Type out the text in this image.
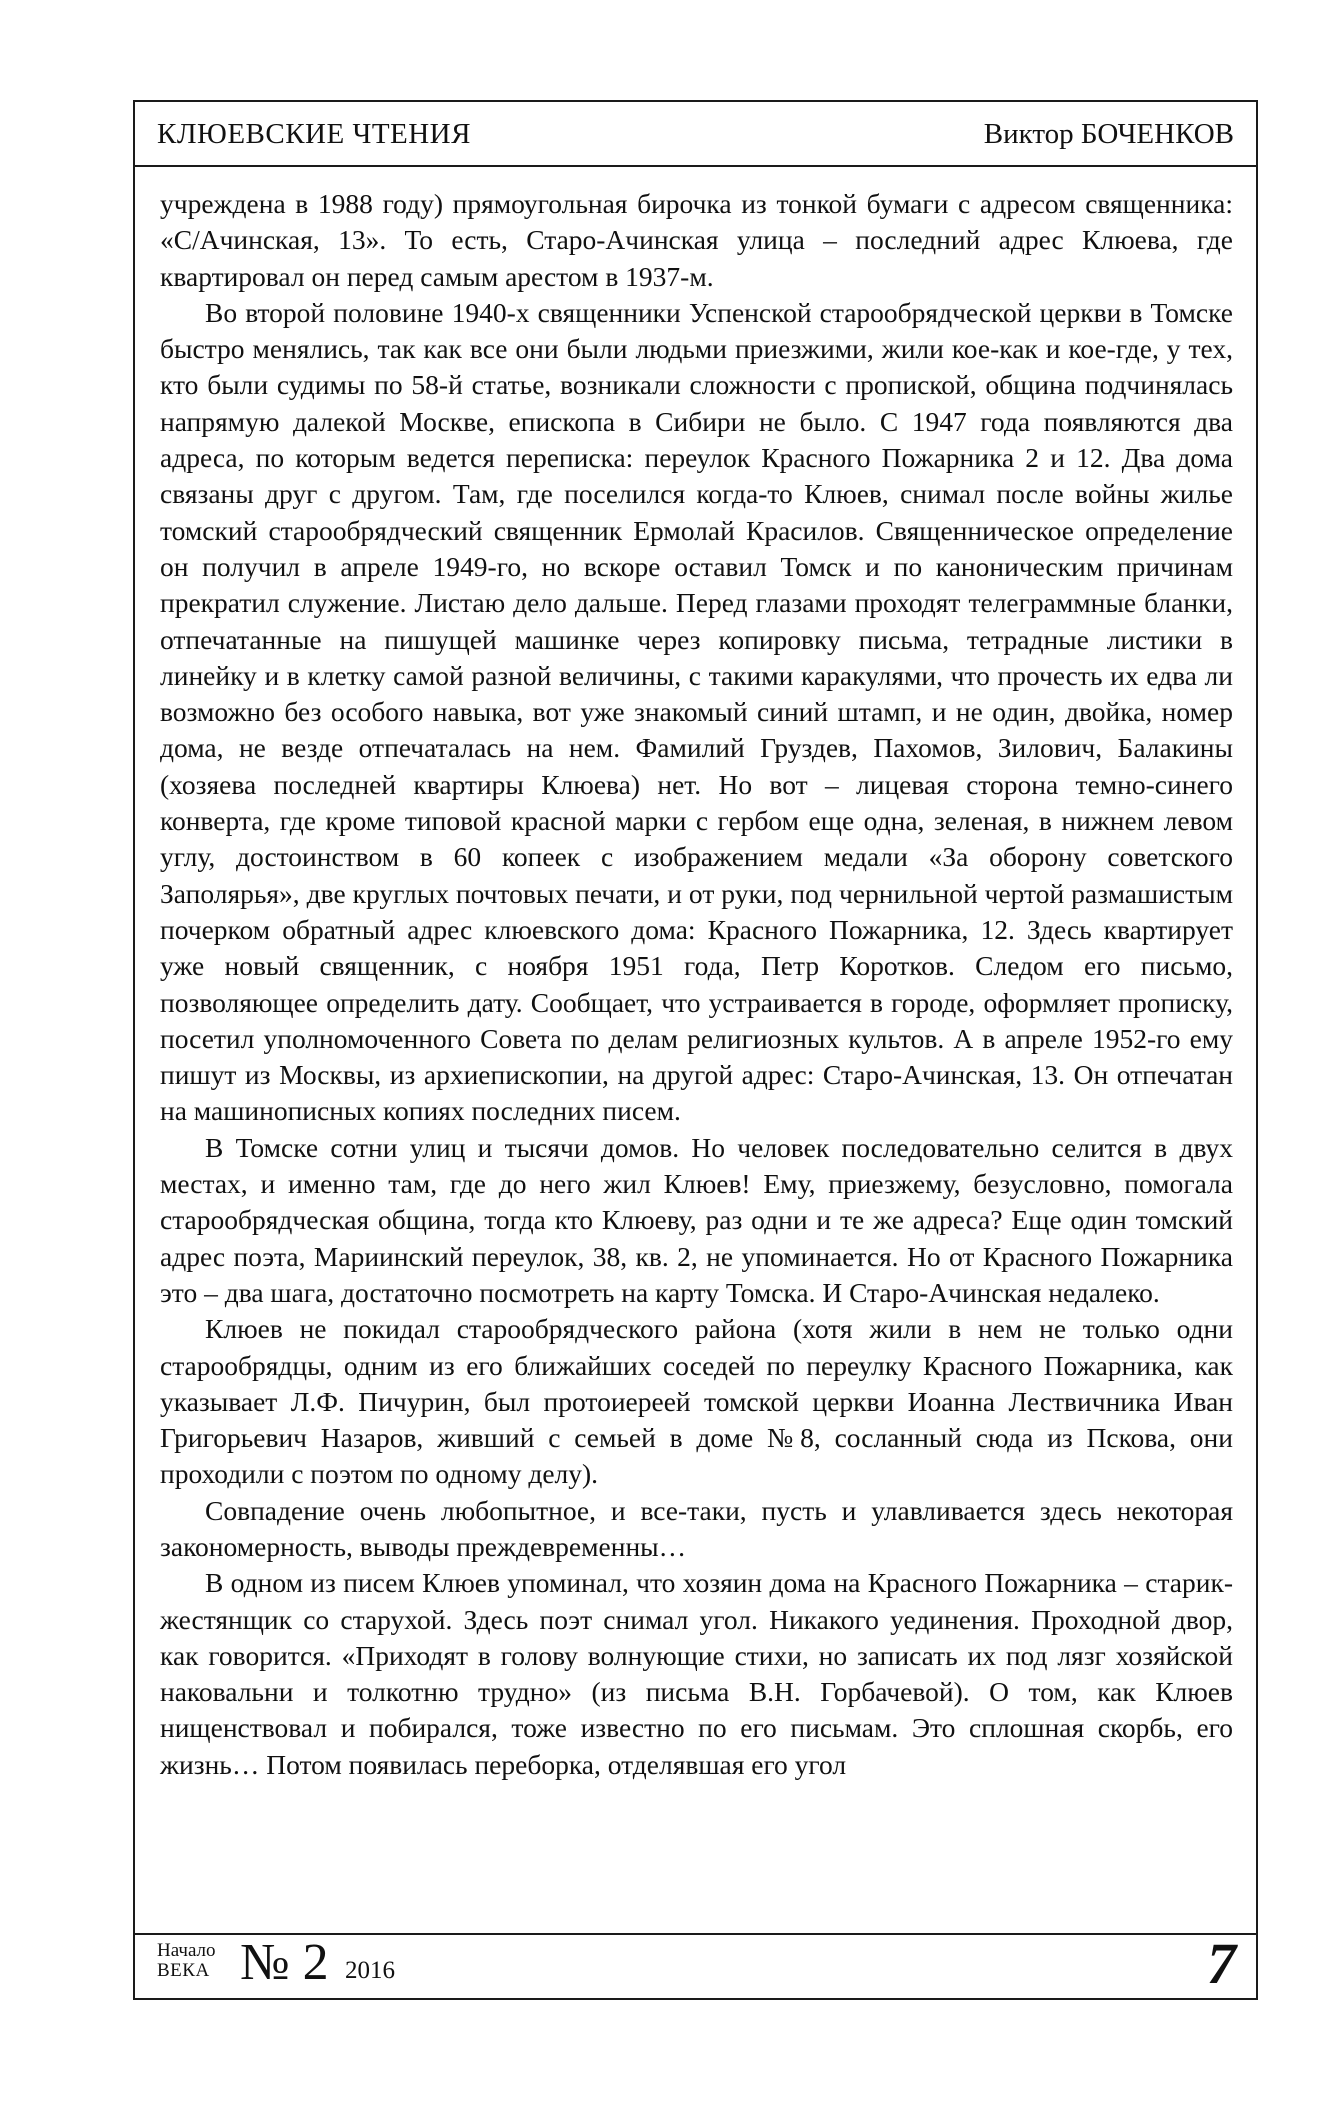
КЛЮЕВСКИЕ ЧТЕНИЯ	Виктор БОЧЕНКОВ

учреждена в 1988 году) прямоугольная бирочка из тонкой бумаги с адресом священника: «С/Ачинская, 13». То есть, Старо-Ачинская улица – последний адрес Клюева, где квартировал он перед самым арестом в 1937-м.

Во второй половине 1940-х священники Успенской старообрядческой церкви в Томске быстро менялись, так как все они были людьми приезжими, жили кое-как и кое-где, у тех, кто были судимы по 58-й статье, возникали сложности с пропиской, община подчинялась напрямую далекой Москве, епископа в Сибири не было. С 1947 года появляются два адреса, по которым ведется переписка: переулок Красного Пожарника 2 и 12. Два дома связаны друг с другом. Там, где поселился когда-то Клюев, снимал после войны жилье томский старообрядческий священник Ермолай Красилов. Священническое определение он получил в апреле 1949-го, но вскоре оставил Томск и по каноническим причинам прекратил служение. Листаю дело дальше. Перед глазами проходят телеграммные бланки, отпечатанные на пишущей машинке через копировку письма, тетрадные листики в линейку и в клетку самой разной величины, с такими каракулями, что прочесть их едва ли возможно без особого навыка, вот уже знакомый синий штамп, и не один, двойка, номер дома, не везде отпечаталась на нем. Фамилий Груздев, Пахомов, Зилович, Балакины (хозяева последней квартиры Клюева) нет. Но вот – лицевая сторона темно-синего конверта, где кроме типовой красной марки с гербом еще одна, зеленая, в нижнем левом углу, достоинством в 60 копеек с изображением медали «За оборону советского Заполярья», две круглых почтовых печати, и от руки, под чернильной чертой размашистым почерком обратный адрес клюевского дома: Красного Пожарника, 12. Здесь квартирует уже новый священник, с ноября 1951 года, Петр Коротков. Следом его письмо, позволяющее определить дату. Сообщает, что устраивается в городе, оформляет прописку, посетил уполномоченного Совета по делам религиозных культов. А в апреле 1952-го ему пишут из Москвы, из архиепископии, на другой адрес: Старо-Ачинская, 13. Он отпечатан на машинописных копиях последних писем.

В Томске сотни улиц и тысячи домов. Но человек последовательно селится в двух местах, и именно там, где до него жил Клюев! Ему, приезжему, безусловно, помогала старообрядческая община, тогда кто Клюеву, раз одни и те же адреса? Еще один томский адрес поэта, Мариинский переулок, 38, кв. 2, не упоминается. Но от Красного Пожарника это – два шага, достаточно посмотреть на карту Томска. И Старо-Ачинская недалеко.

Клюев не покидал старообрядческого района (хотя жили в нем не только одни старообрядцы, одним из его ближайших соседей по переулку Красного Пожарника, как указывает Л.Ф. Пичурин, был протоиереей томской церкви Иоанна Лествичника Иван Григорьевич Назаров, живший с семьей в доме №8, сосланный сюда из Пскова, они проходили с поэтом по одному делу).

Совпадение очень любопытное, и все-таки, пусть и улавливается здесь некоторая закономерность, выводы преждевременны…

В одном из писем Клюев упоминал, что хозяин дома на Красного Пожарника – старик-жестянщик со старухой. Здесь поэт снимал угол. Никакого уединения. Проходной двор, как говорится. «Приходят в голову волнующие стихи, но записать их под лязг хозяйской наковальни и толкотню трудно» (из письма В.Н. Горбачевой). О том, как Клюев нищенствовал и побирался, тоже известно по его письмам. Это сплошная скорбь, его жизнь… Потом появилась переборка, отделявшая его угол

Начало
ВЕКА № 2 2016	7
